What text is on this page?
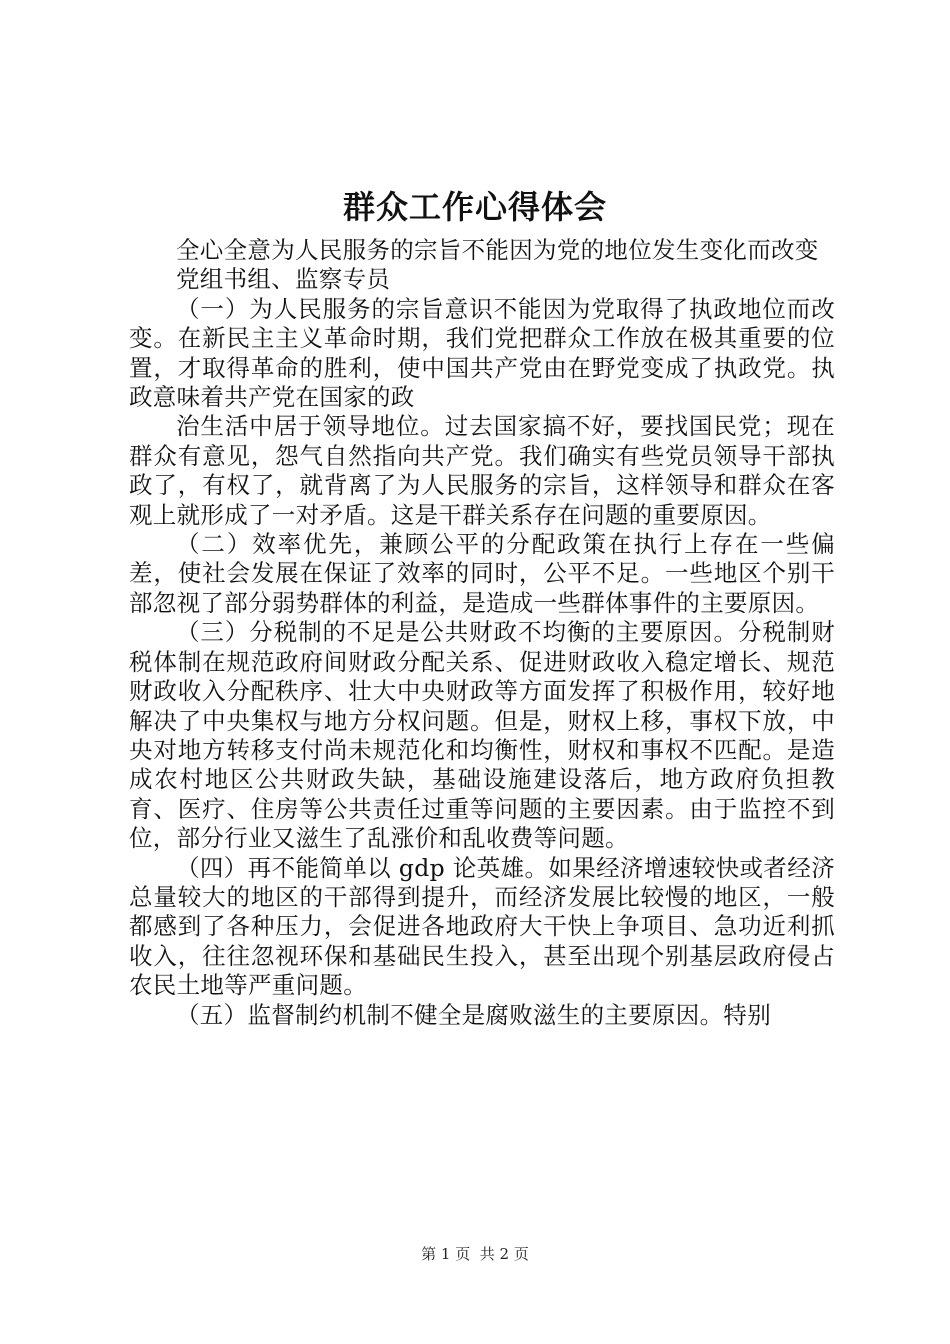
群众工作心得体会

全心全意为人民服务的宗旨不能因为党的地位发生变化而改变

党组书组、监察专员

（一）为人民服务的宗旨意识不能因为党取得了执政地位而改变。在新民主主义革命时期，我们党把群众工作放在极其重要的位置，才取得革命的胜利，使中国共产党由在野党变成了执政党。执政意味着共产党在国家的政

治生活中居于领导地位。过去国家搞不好，要找国民党；现在群众有意见，怨气自然指向共产党。我们确实有些党员领导干部执政了，有权了，就背离了为人民服务的宗旨，这样领导和群众在客观上就形成了一对矛盾。这是干群关系存在问题的重要原因。

（二）效率优先，兼顾公平的分配政策在执行上存在一些偏差，使社会发展在保证了效率的同时，公平不足。一些地区个别干部忽视了部分弱势群体的利益，是造成一些群体事件的主要原因。

（三）分税制的不足是公共财政不均衡的主要原因。分税制财税体制在规范政府间财政分配关系、促进财政收入稳定增长、规范财政收入分配秩序、壮大中央财政等方面发挥了积极作用，较好地解决了中央集权与地方分权问题。但是，财权上移，事权下放，中央对地方转移支付尚未规范化和均衡性，财权和事权不匹配。是造成农村地区公共财政失缺，基础设施建设落后，地方政府负担教育、医疗、住房等公共责任过重等问题的主要因素。由于监控不到位，部分行业又滋生了乱涨价和乱收费等问题。

（四）再不能简单以 gdp 论英雄。如果经济增速较快或者经济总量较大的地区的干部得到提升，而经济发展比较慢的地区，一般都感到了各种压力，会促进各地政府大干快上争项目、急功近利抓收入，往往忽视环保和基础民生投入，甚至出现个别基层政府侵占农民土地等严重问题。

（五）监督制约机制不健全是腐败滋生的主要原因。特别

第 1 页 共 2 页
